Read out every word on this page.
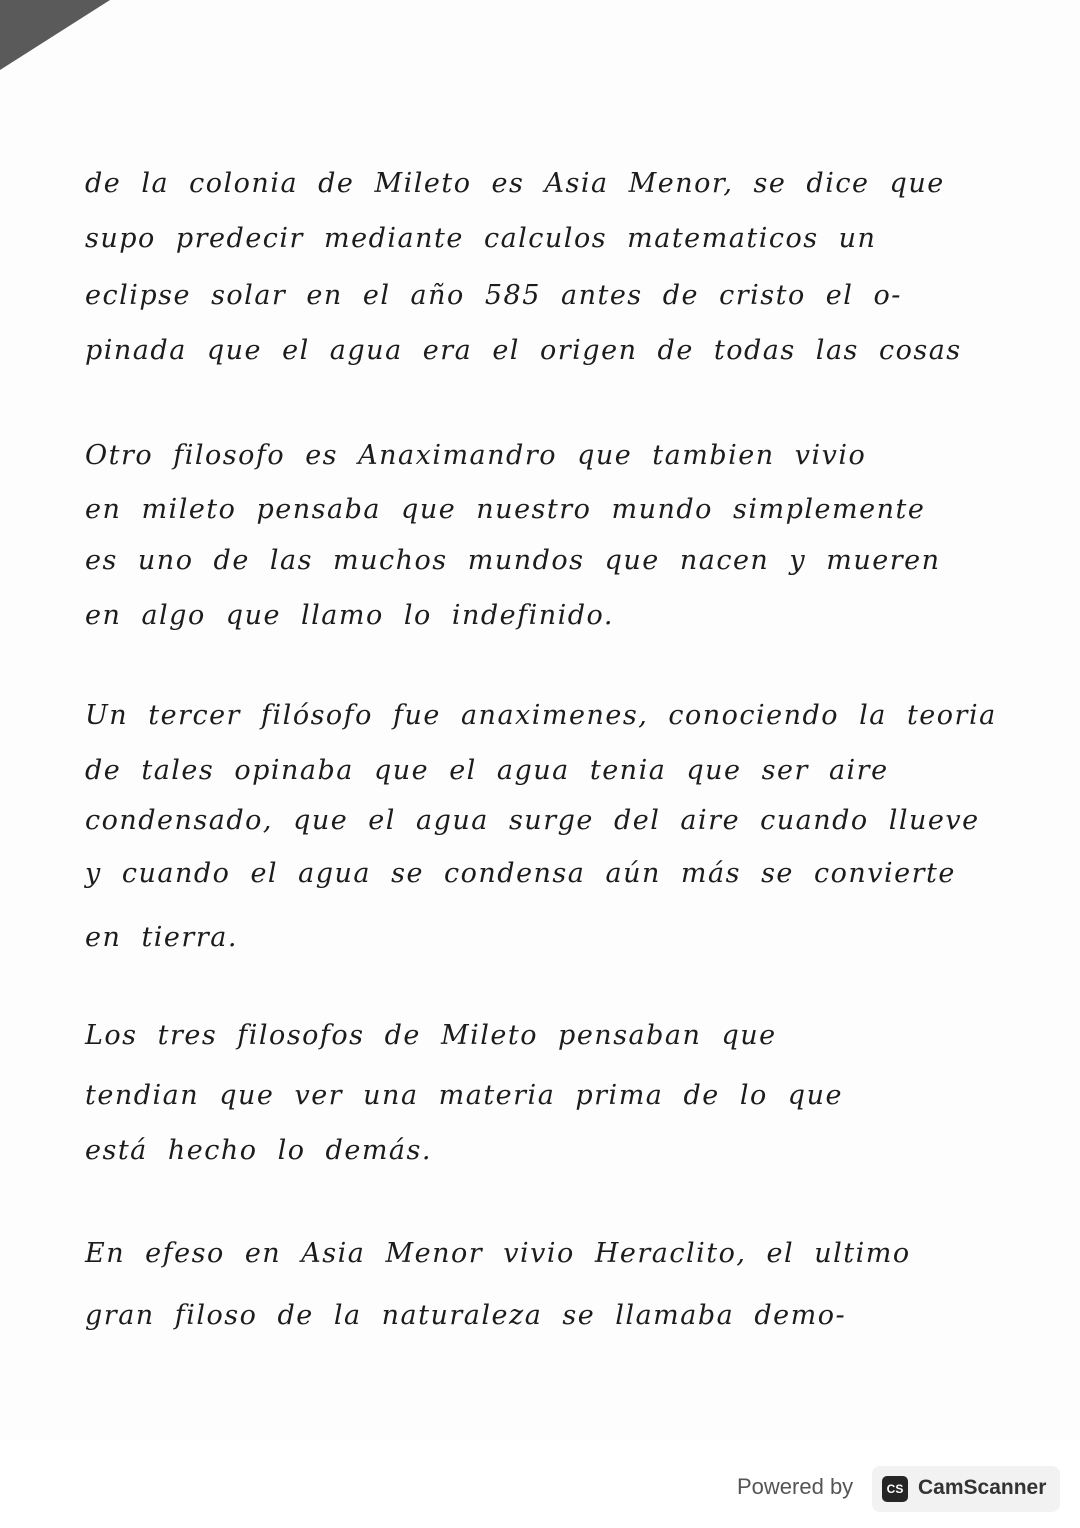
de la colonia de Mileto es Asia Menor, se dice que
supo predecir mediante calculos matematicos un
eclipse solar en el año 585 antes de cristo el o-
pinada que el agua era el origen de todas las cosas
Otro filosofo es Anaximandro que tambien vivio
en mileto pensaba que nuestro mundo simplemente
es uno de las muchos mundos que nacen y mueren
en algo que llamo lo indefinido.
Un tercer filósofo fue anaximenes, conociendo la teoria
de tales opinaba que el agua tenia que ser aire
condensado, que el agua surge del aire cuando llueve
y cuando el agua se condensa aún más se convierte
en tierra.
Los tres filosofos de Mileto pensaban que
tendian que ver una materia prima de lo que
está hecho lo demás.
En efeso en Asia Menor vivio Heraclito, el ultimo
gran filoso de la naturaleza se llamaba demo-
Powered by	CS CamScanner
